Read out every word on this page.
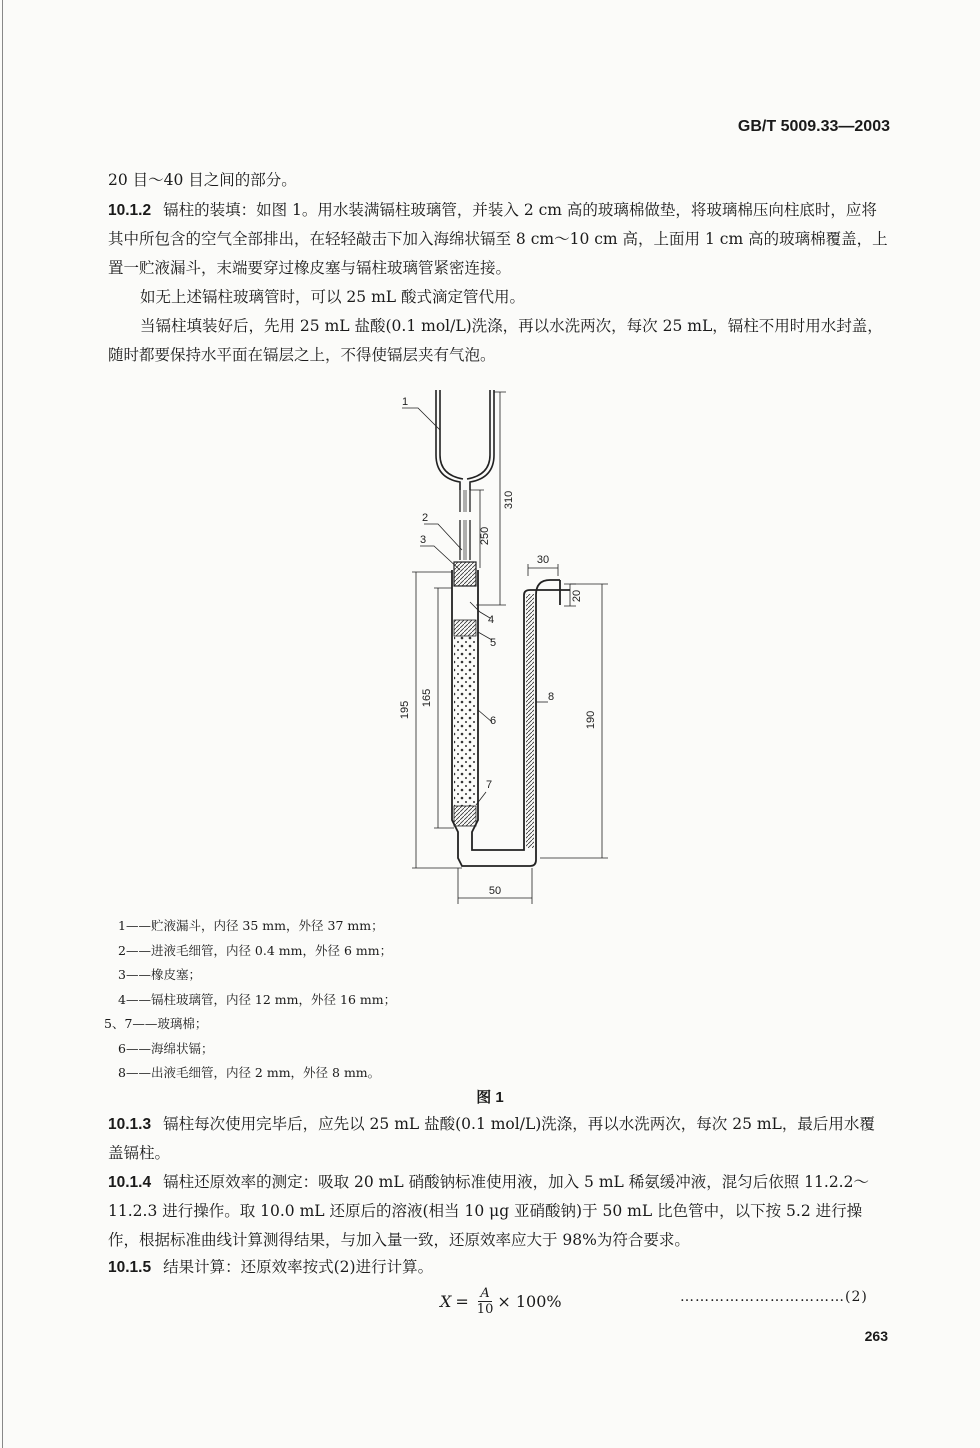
GB/T 5009.33—2003

20 目～40 目之间的部分。

10.1.2 镉柱的装填：如图 1。用水装满镉柱玻璃管，并装入 2 cm 高的玻璃棉做垫，将玻璃棉压向柱底时，应将其中所包含的空气全部排出，在轻轻敲击下加入海绵状镉至 8 cm～10 cm 高，上面用 1 cm 高的玻璃棉覆盖，上置一贮液漏斗，末端要穿过橡皮塞与镉柱玻璃管紧密连接。

如无上述镉柱玻璃管时，可以 25 mL 酸式滴定管代用。

当镉柱填装好后，先用 25 mL 盐酸(0.1 mol/L)洗涤，再以水洗两次，每次 25 mL，镉柱不用时用水封盖，随时都要保持水平面在镉层之上，不得使镉层夹有气泡。

1
2
3
4
5
6
7
8
310
250
30
20
195
165
190
50
1——贮液漏斗，内径 35 mm，外径 37 mm；
2——进液毛细管，内径 0.4 mm，外径 6 mm；
3——橡皮塞；
4——镉柱玻璃管，内径 12 mm，外径 16 mm；
5、7——玻璃棉；
6——海绵状镉；
8——出液毛细管，内径 2 mm，外径 8 mm。
图 1

10.1.3 镉柱每次使用完毕后，应先以 25 mL 盐酸(0.1 mol/L)洗涤，再以水洗两次，每次 25 mL，最后用水覆盖镉柱。

10.1.4 镉柱还原效率的测定：吸取 20 mL 硝酸钠标准使用液，加入 5 mL 稀氨缓冲液，混匀后依照 11.2.2～11.2.3 进行操作。取 10.0 mL 还原后的溶液(相当 10 μg 亚硝酸钠)于 50 mL 比色管中，以下按 5.2 进行操作，根据标准曲线计算测得结果，与加入量一致，还原效率应大于 98%为符合要求。

10.1.5 结果计算：还原效率按式(2)进行计算。

$X = \frac{A}{10} \times 100\%$	……………………………(2)
263
